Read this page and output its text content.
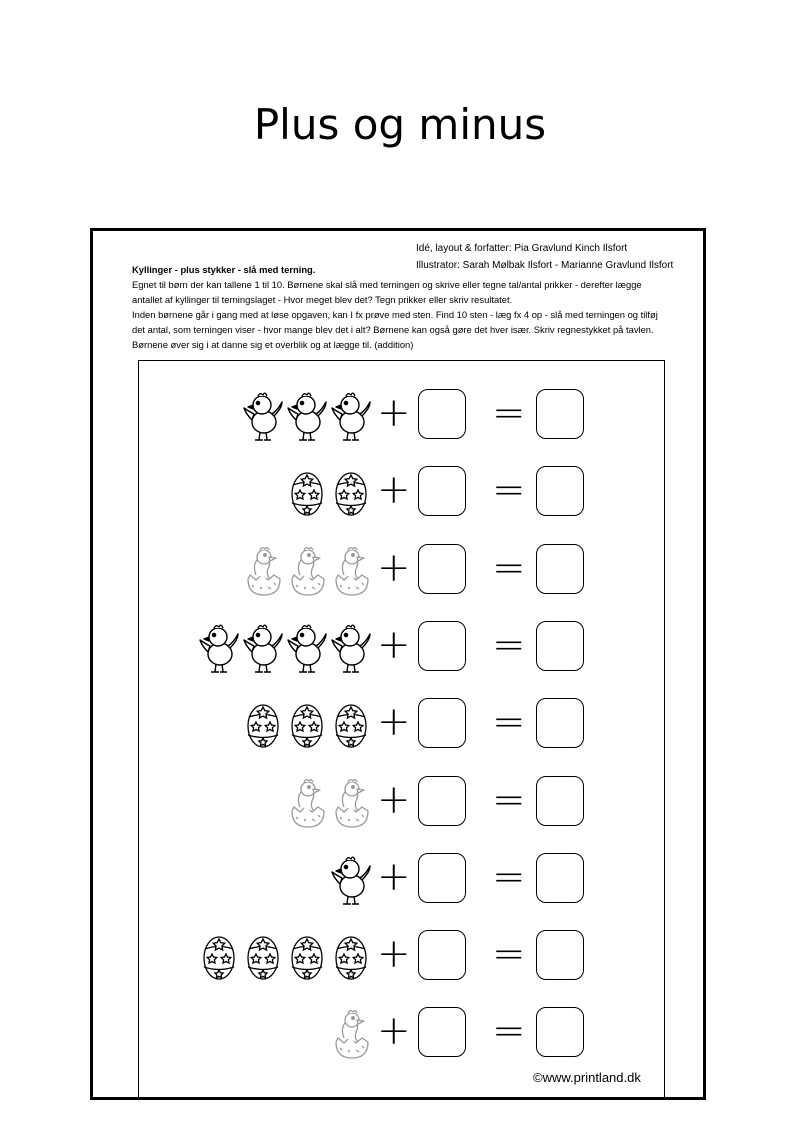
Plus og minus
Idé, layout & forfatter: Pia Gravlund Kinch Ilsfort
Illustrator: Sarah Mølbak Ilsfort - Marianne Gravlund Ilsfort
Kyllinger - plus stykker - slå med terning.
Egnet til børn der kan tallene 1 til 10. Børnene skal slå med terningen og skrive eller tegne tal/antal prikker - derefter lægge
antallet af kyllinger til terningslaget - Hvor meget blev det? Tegn prikker eller skriv resultatet.
Inden børnene går i gang med at løse opgaven, kan I fx prøve med sten. Find 10 sten - læg fx 4 op - slå med terningen og tilføj
det antal, som terningen viser - hvor mange blev det i alt? Børnene kan også gøre det hver især. Skriv regnestykket på tavlen.
Børnene øver sig i at danne sig et overblik og at lægge til. (addition)
+ =
+ =
+ =
+ =
+ =
+ =
+ =
+ =
+ =
©www.printland.dk
